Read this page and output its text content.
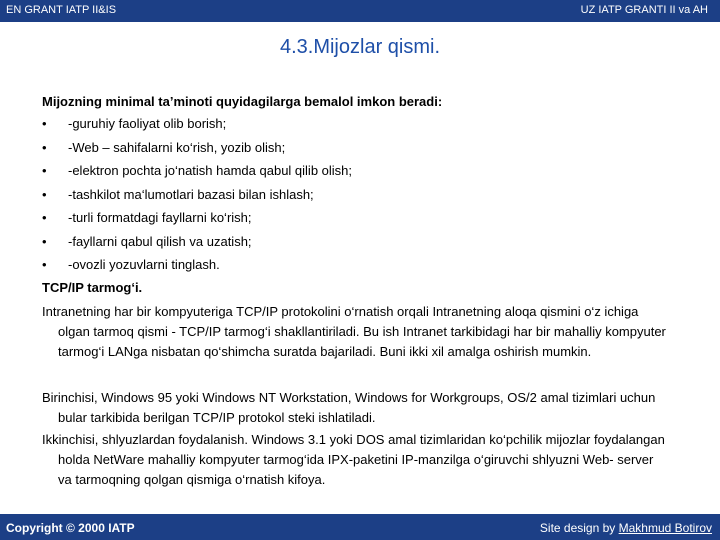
EN GRANT IATP II&IS	UZ IATP GRANTI II va AH
4.3.Mijozlar qismi.
Mijozning minimal ta’minoti quyidagilarga bemalol imkon beradi:
• -guruhiy faoliyat olib borish;
• -Web – sahifalarni ko‘rish, yozib olish;
• -elektron pochta jo‘natish hamda qabul qilib olish;
• -tashkilot ma‘lumotlari bazasi bilan ishlash;
• -turli formatdagi fayllarni ko‘rish;
• -fayllarni qabul qilish va uzatish;
• -ovozli yozuvlarni tinglash.
TCP/IP tarmog‘i.
Intranetning har bir kompyuteriga TCP/IP protokolini o‘rnatish orqali Intranetning aloqa qismini o‘z ichiga olgan tarmoq qismi - TCP/IP tarmog‘i shakllantiriladi. Bu ish Intranet tarkibidagi har bir mahalliy kompyuter tarmog‘i LANga nisbatan qo‘shimcha suratda bajariladi. Buni ikki xil amalga oshirish mumkin.
Birinchisi, Windows 95 yoki Windows NT Workstation, Windows for Workgroups, OS/2 amal tizimlari uchun bular tarkibida berilgan TCP/IP protokol steki ishlatiladi.
Ikkinchisi, shlyuzlardan foydalanish. Windows 3.1 yoki DOS amal tizimlaridan ko‘pchilik mijozlar foydalangan holda NetWare mahalliy kompyuter tarmog‘ida IPX-paketini IP-manzilga o‘giruvchi shlyuzni Web- server va tarmoqning qolgan qismiga o‘rnatish kifoya.
Copyright © 2000 IATP	Site design by Makhmud Botirov
